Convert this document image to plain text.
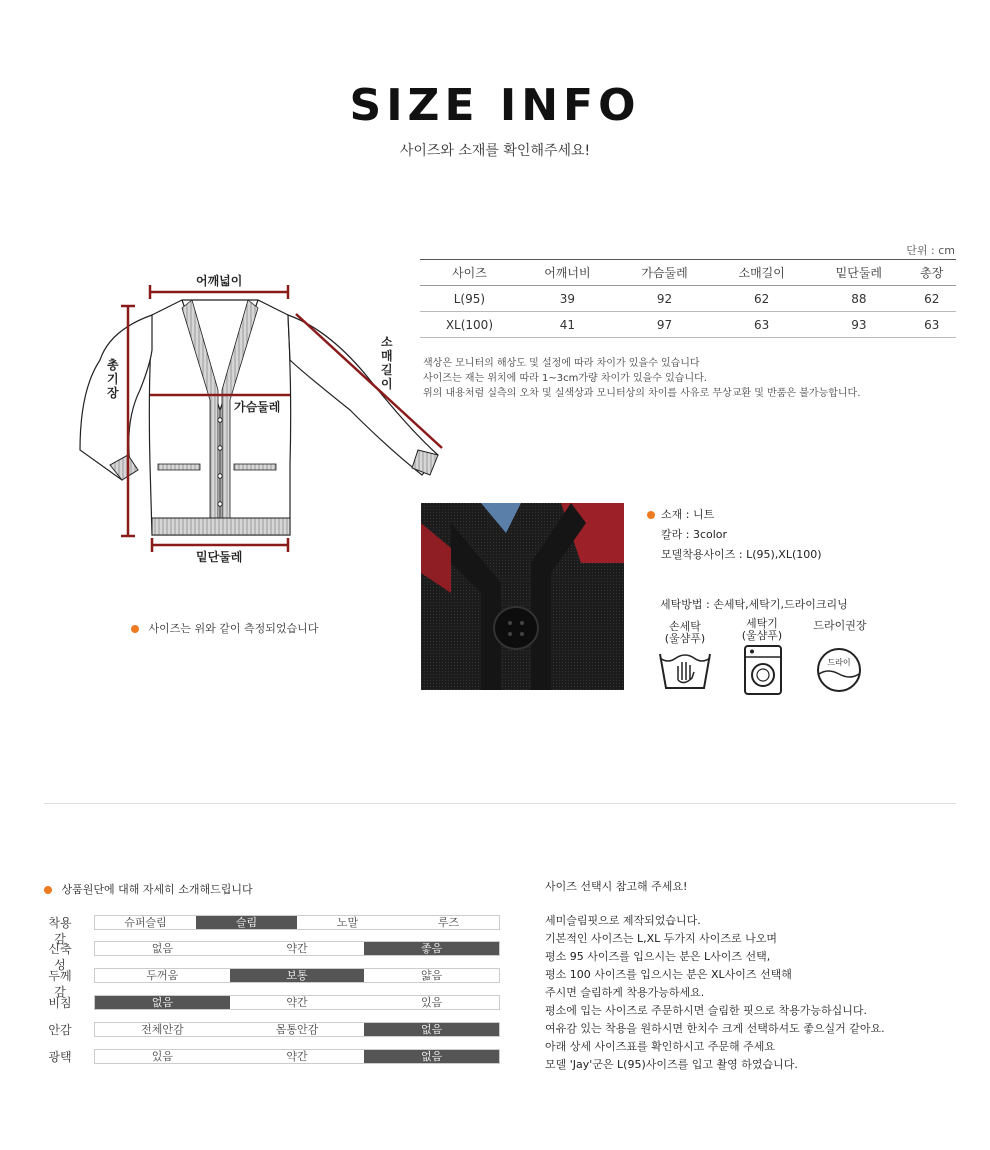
SIZE INFO
사이즈와 소재를 확인해주세요!
어깨넓이
가슴둘레
총기장
소매길이
밑단둘레
사이즈는 위와 같이 측정되었습니다
단위 : cm
사이즈	어깨너비	가슴둘레	소매길이	밑단둘레	총장
L(95)	39	92	62	88	62
XL(100)	41	97	63	93	63
색상은 모니터의 해상도 및 설정에 따라 차이가 있을수 있습니다
사이즈는 재는 위치에 따라 1~3cm가량 차이가 있을수 있습니다.
위의 내용처럼 실측의 오차 및 실색상과 모니터상의 차이를 사유로 무상교환 및 반품은 불가능합니다.
소재 : 니트
칼라 : 3color
모델착용사이즈 : L(95),XL(100)
세탁방법 : 손세탁,세탁기,드라이크리닝
손세탁
(울샴푸)
세탁기
(울샴푸)
드라이권장
드라이
상품원단에 대해 자세히 소개해드립니다
착용감
슈퍼슬림	슬림	노말	루즈
신축성
없음	약간	좋음
두께감
두꺼움	보통	얇음
비침	없음	약간	있음
안감	전체안감	몸통안감	없음
광택	있음	약간	없음
사이즈 선택시 참고해 주세요!
세미슬림핏으로 제작되었습니다.
기본적인 사이즈는 L,XL 두가지 사이즈로 나오며
평소 95 사이즈를 입으시는 분은 L사이즈 선택,
평소 100 사이즈를 입으시는 분은 XL사이즈 선택해
주시면 슬림하게 착용가능하세요.
평소에 입는 사이즈로 주문하시면 슬림한 핏으로 착용가능하십니다.
여유감 있는 착용을 원하시면 한치수 크게 선택하셔도 좋으실거 같아요.
아래 상세 사이즈표를 확인하시고 주문해 주세요
모델 'Jay'군은 L(95)사이즈를 입고 촬영 하였습니다.
